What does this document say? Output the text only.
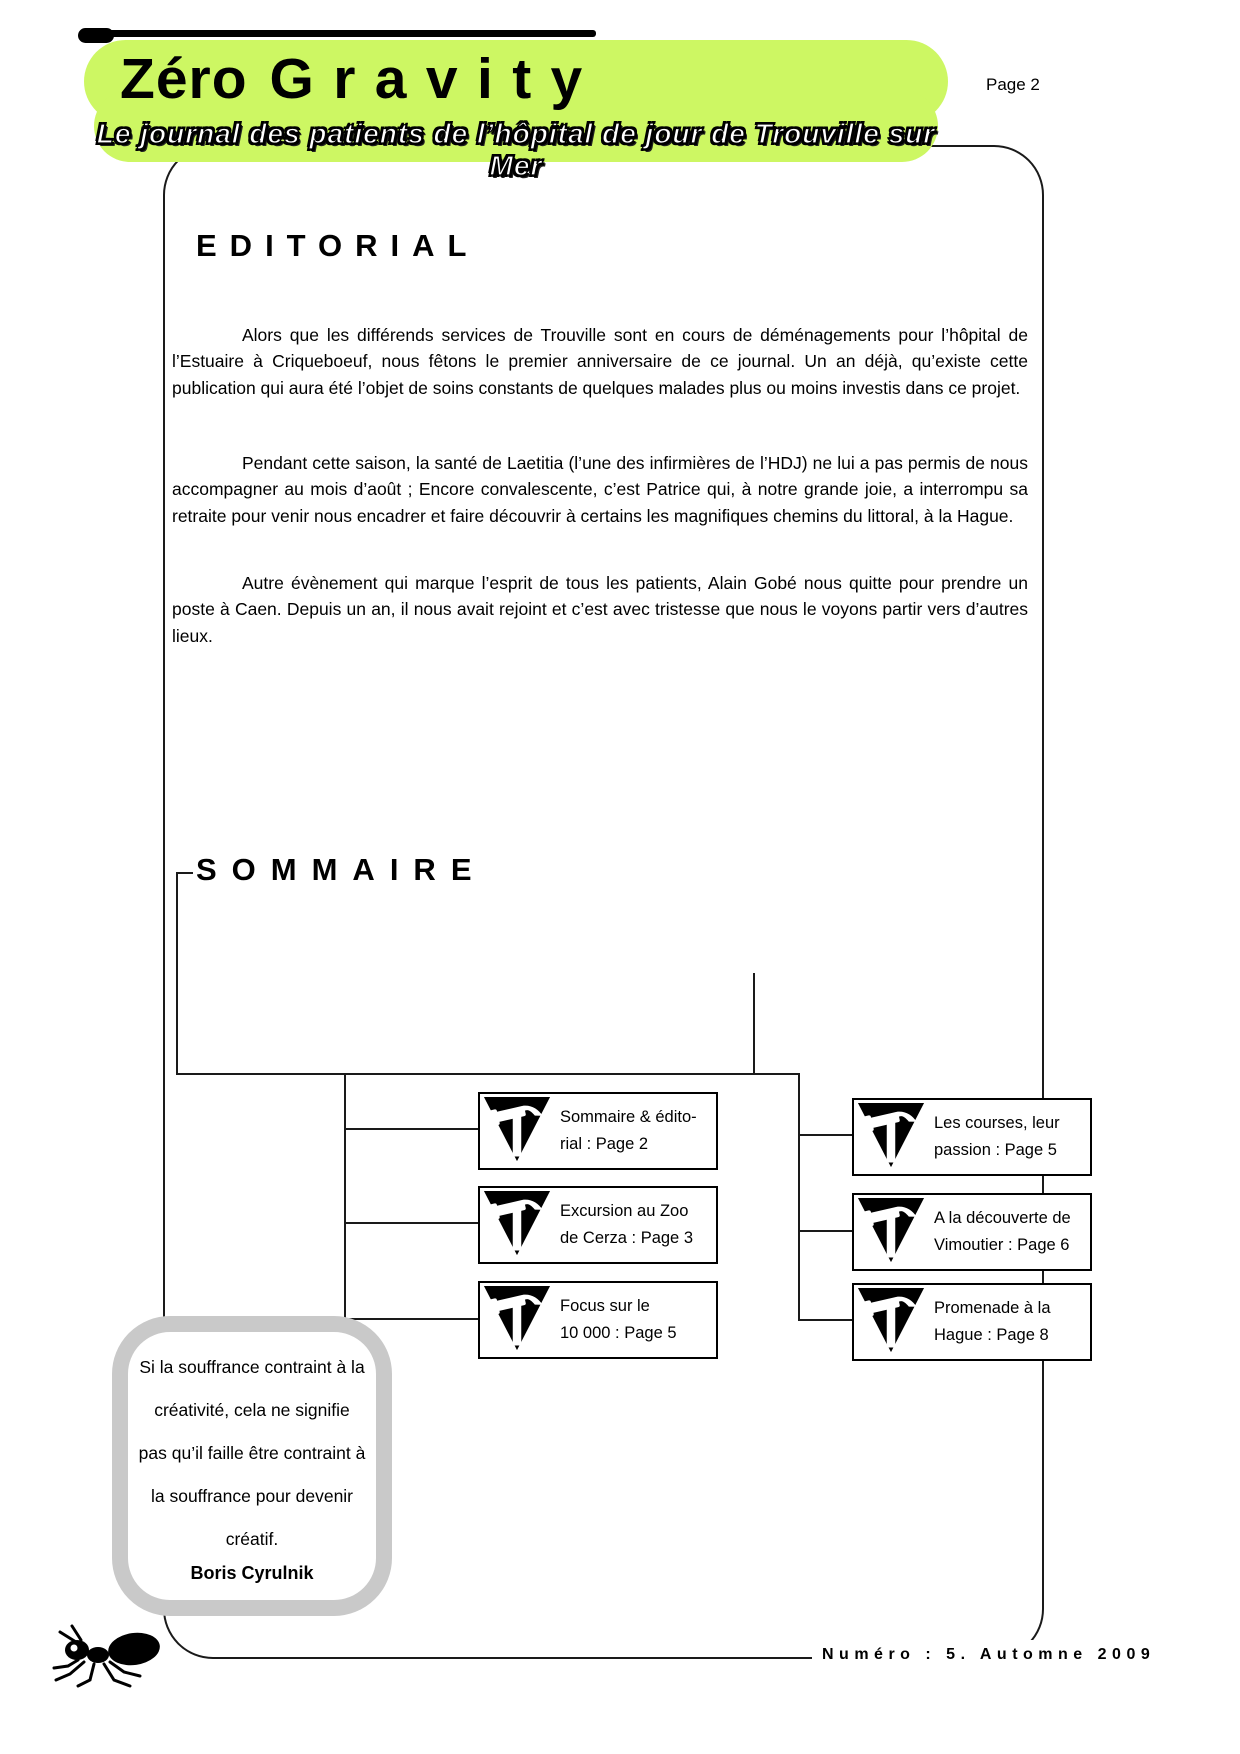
Zéro Gravity
Le journal des patients de l’hôpital de jour de Trouville sur Mer
Page 2
EDITORIAL

Alors que les différends services de Trouville sont en cours de déménagements pour l’hôpital de l’Estuaire à Criqueboeuf, nous fêtons le premier anniversaire de ce journal. Un an déjà, qu’existe cette publication qui aura été l’objet de soins constants de quelques malades plus ou moins investis dans ce projet.

Pendant cette saison, la santé de Laetitia (l’une des infirmières de l’HDJ) ne lui a pas permis de nous accompagner au mois d’août ; Encore convalescente, c’est Patrice qui, à notre grande joie, a interrompu sa retraite pour venir nous encadrer et faire découvrir à certains les magnifiques chemins du littoral, à la Hague.

Autre évènement qui marque l’esprit de tous les patients, Alain Gobé nous quitte pour prendre un poste à Caen. Depuis un an, il nous avait rejoint et c’est avec tristesse que nous le voyons partir vers d’autres lieux.

SOMMAIRE
Sommaire & édito-
rial : Page 2
Excursion au Zoo
de Cerza : Page 3
Focus sur le
10 000 : Page 5
Les courses, leur
passion : Page 5
A la découverte de
Vimoutier : Page 6
Promenade à la
Hague : Page 8
Si la souffrance contraint à la créativité, cela ne signifie pas qu’il faille être contraint à la souffrance pour devenir créatif.
Boris Cyrulnik
Numéro : 5. Automne 2009
